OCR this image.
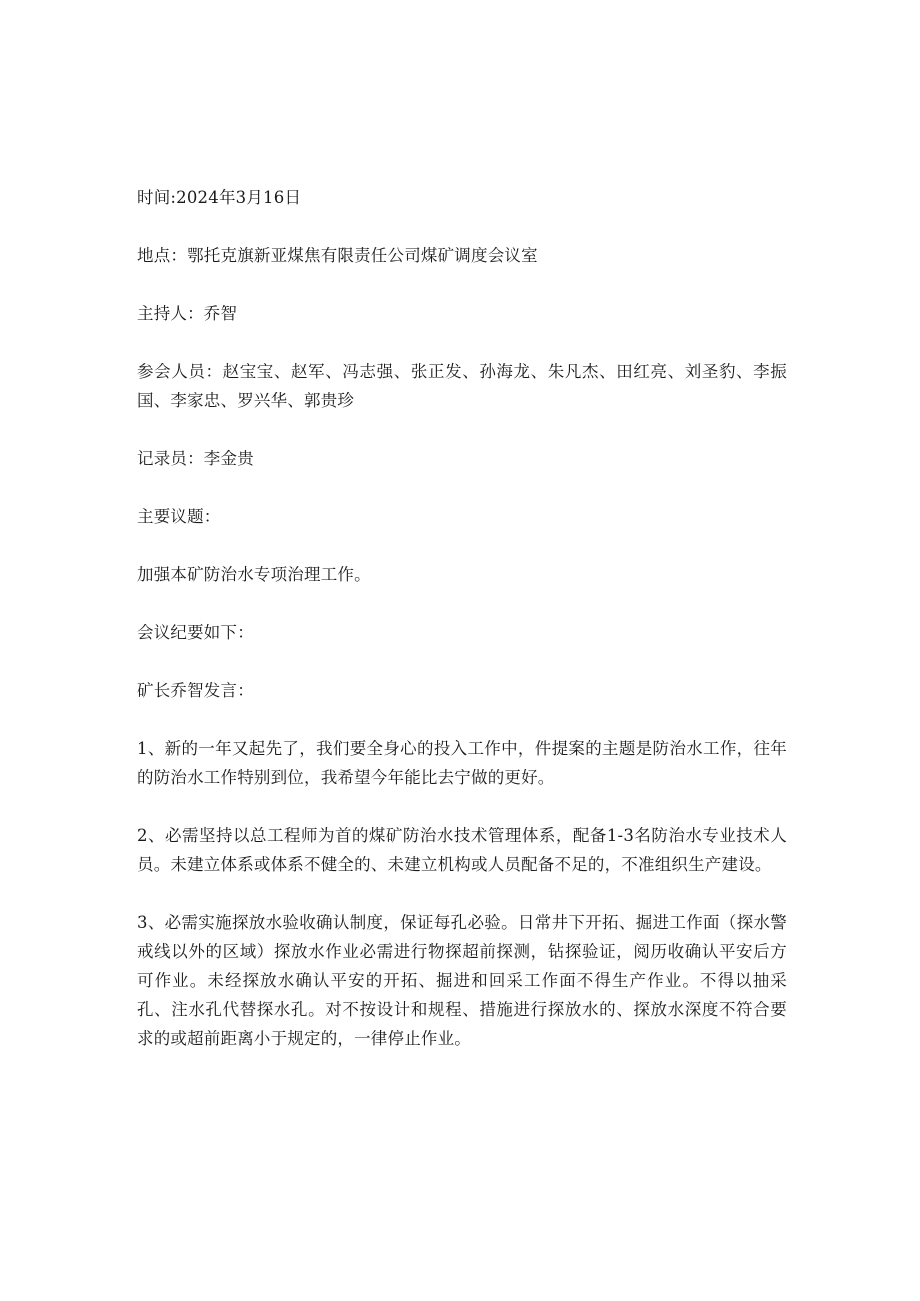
时间:2024年3月16日

地点：鄂托克旗新亚煤焦有限责任公司煤矿调度会议室

主持人：乔智

参会人员：赵宝宝、赵军、冯志强、张正发、孙海龙、朱凡杰、田红亮、刘圣豹、李振国、李家忠、罗兴华、郭贵珍

记录员：李金贵

主要议题：

加强本矿防治水专项治理工作。

会议纪要如下：

矿长乔智发言：

1、新的一年又起先了，我们要全身心的投入工作中，件提案的主题是防治水工作，往年的防治水工作特别到位，我希望今年能比去宁做的更好。

2、必需坚持以总工程师为首的煤矿防治水技术管理体系，配备1-3名防治水专业技术人员。未建立体系或体系不健全的、未建立机构或人员配备不足的，不准组织生产建设。

3、必需实施探放水验收确认制度，保证每孔必验。日常井下开拓、掘进工作面（探水警戒线以外的区域）探放水作业必需进行物探超前探测，钻探验证，阅历收确认平安后方可作业。未经探放水确认平安的开拓、掘进和回采工作面不得生产作业。不得以抽采孔、注水孔代替探水孔。对不按设计和规程、措施进行探放水的、探放水深度不符合要求的或超前距离小于规定的，一律停止作业。
